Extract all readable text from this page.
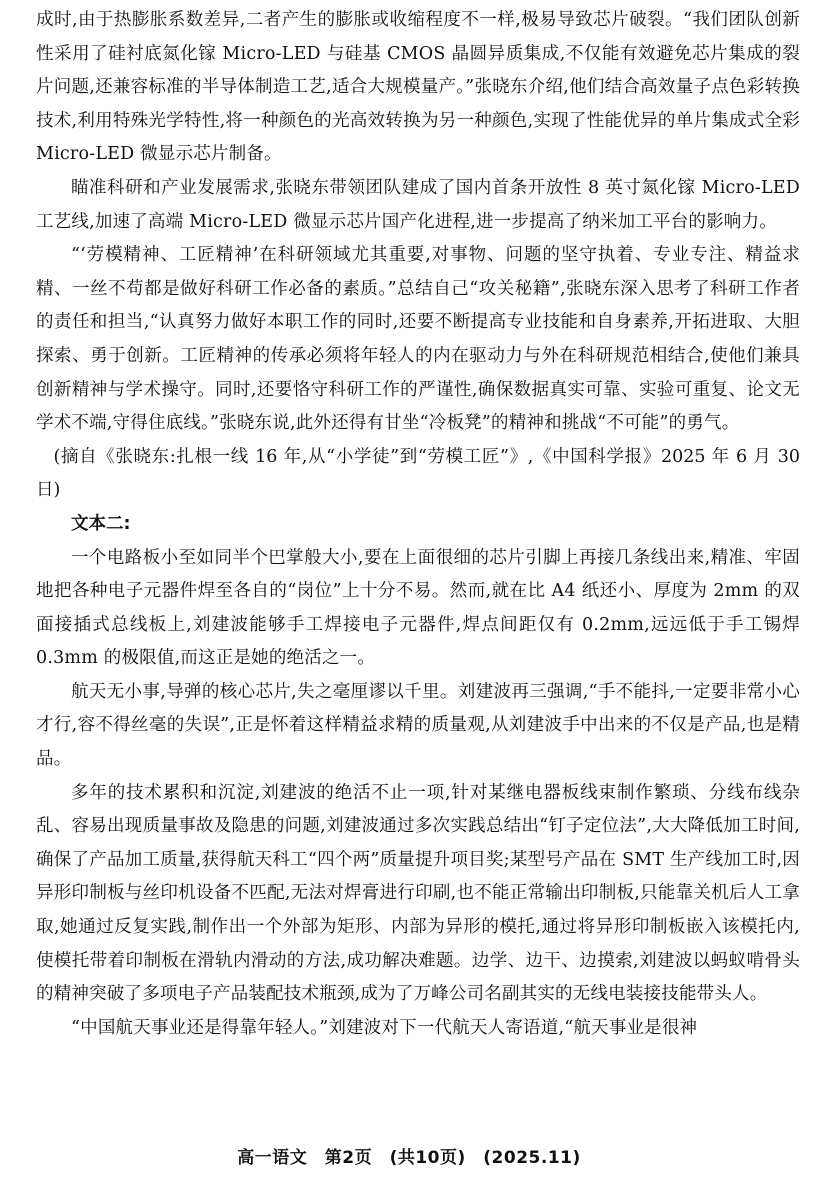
成时,由于热膨胀系数差异,二者产生的膨胀或收缩程度不一样,极易导致芯片破裂。“我们团队创新性采用了硅衬底氮化镓 Micro-LED 与硅基 CMOS 晶圆异质集成,不仅能有效避免芯片集成的裂片问题,还兼容标准的半导体制造工艺,适合大规模量产。”张晓东介绍,他们结合高效量子点色彩转换技术,利用特殊光学特性,将一种颜色的光高效转换为另一种颜色,实现了性能优异的单片集成式全彩 Micro-LED 微显示芯片制备。

瞄准科研和产业发展需求,张晓东带领团队建成了国内首条开放性 8 英寸氮化镓 Micro-LED 工艺线,加速了高端 Micro-LED 微显示芯片国产化进程,进一步提高了纳米加工平台的影响力。

“‘劳模精神、工匠精神’在科研领域尤其重要,对事物、问题的坚守执着、专业专注、精益求精、一丝不苟都是做好科研工作必备的素质。”总结自己“攻关秘籍”,张晓东深入思考了科研工作者的责任和担当,“认真努力做好本职工作的同时,还要不断提高专业技能和自身素养,开拓进取、大胆探索、勇于创新。工匠精神的传承必须将年轻人的内在驱动力与外在科研规范相结合,使他们兼具创新精神与学术操守。同时,还要恪守科研工作的严谨性,确保数据真实可靠、实验可重复、论文无学术不端,守得住底线。”张晓东说,此外还得有甘坐“冷板凳”的精神和挑战“不可能”的勇气。

(摘自《张晓东:扎根一线 16 年,从“小学徒”到“劳模工匠”》,《中国科学报》2025 年 6 月 30 日)

文本二:

一个电路板小至如同半个巴掌般大小,要在上面很细的芯片引脚上再接几条线出来,精准、牢固地把各种电子元器件焊至各自的“岗位”上十分不易。然而,就在比 A4 纸还小、厚度为 2mm 的双面接插式总线板上,刘建波能够手工焊接电子元器件,焊点间距仅有 0.2mm,远远低于手工锡焊 0.3mm 的极限值,而这正是她的绝活之一。

航天无小事,导弹的核心芯片,失之毫厘谬以千里。刘建波再三强调,“手不能抖,一定要非常小心才行,容不得丝毫的失误”,正是怀着这样精益求精的质量观,从刘建波手中出来的不仅是产品,也是精品。

多年的技术累积和沉淀,刘建波的绝活不止一项,针对某继电器板线束制作繁琐、分线布线杂乱、容易出现质量事故及隐患的问题,刘建波通过多次实践总结出“钉子定位法”,大大降低加工时间,确保了产品加工质量,获得航天科工“四个两”质量提升项目奖;某型号产品在 SMT 生产线加工时,因异形印制板与丝印机设备不匹配,无法对焊膏进行印刷,也不能正常输出印制板,只能靠关机后人工拿取,她通过反复实践,制作出一个外部为矩形、内部为异形的模托,通过将异形印制板嵌入该模托内,使模托带着印制板在滑轨内滑动的方法,成功解决难题。边学、边干、边摸索,刘建波以蚂蚁啃骨头的精神突破了多项电子产品装配技术瓶颈,成为了万峰公司名副其实的无线电装接技能带头人。

“中国航天事业还是得靠年轻人。”刘建波对下一代航天人寄语道,“航天事业是很神

高一语文　第2页　(共10页)　(2025.11)
